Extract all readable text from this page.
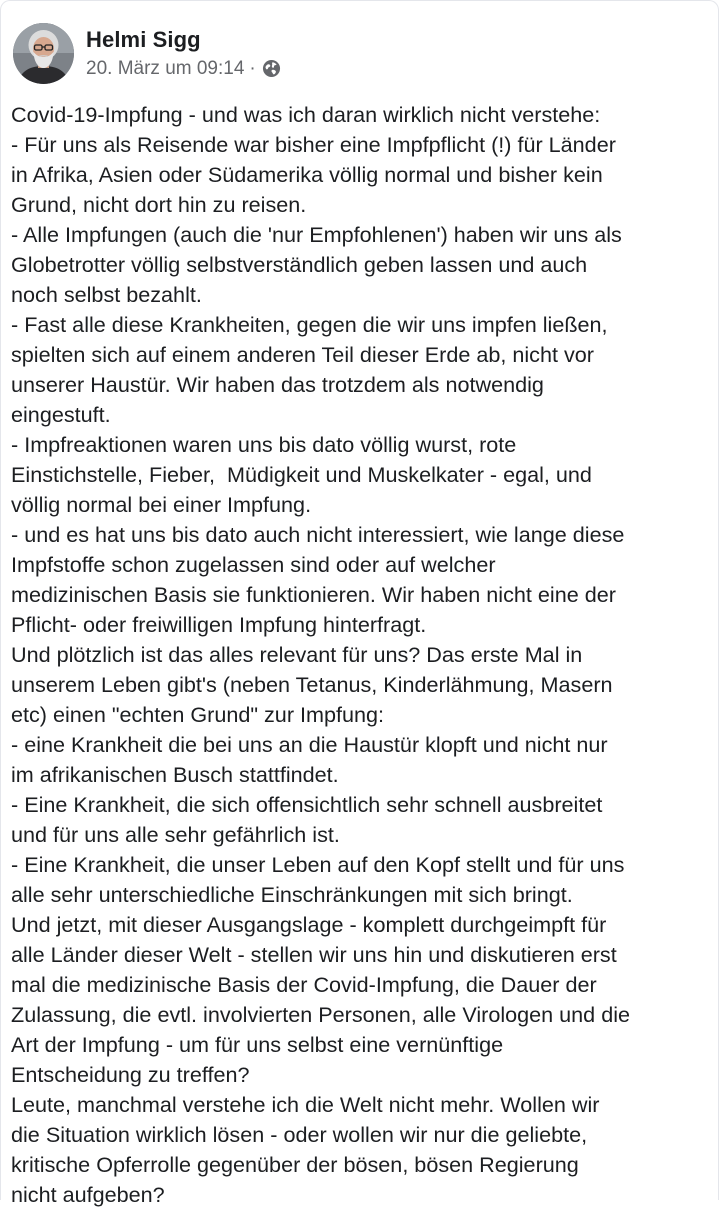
Helmi Sigg
20. März um 09:14 ·
Covid-19-Impfung - und was ich daran wirklich nicht verstehe:
- Für uns als Reisende war bisher eine Impfpflicht (!) für Länder
in Afrika, Asien oder Südamerika völlig normal und bisher kein
Grund, nicht dort hin zu reisen.
- Alle Impfungen (auch die 'nur Empfohlenen') haben wir uns als
Globetrotter völlig selbstverständlich geben lassen und auch
noch selbst bezahlt.
- Fast alle diese Krankheiten, gegen die wir uns impfen ließen,
spielten sich auf einem anderen Teil dieser Erde ab, nicht vor
unserer Haustür. Wir haben das trotzdem als notwendig
eingestuft.
- Impfreaktionen waren uns bis dato völlig wurst, rote
Einstichstelle, Fieber,  Müdigkeit und Muskelkater - egal, und
völlig normal bei einer Impfung.
- und es hat uns bis dato auch nicht interessiert, wie lange diese
Impfstoffe schon zugelassen sind oder auf welcher
medizinischen Basis sie funktionieren. Wir haben nicht eine der
Pflicht- oder freiwilligen Impfung hinterfragt.
Und plötzlich ist das alles relevant für uns? Das erste Mal in
unserem Leben gibt's (neben Tetanus, Kinderlähmung, Masern
etc) einen "echten Grund" zur Impfung:
- eine Krankheit die bei uns an die Haustür klopft und nicht nur
im afrikanischen Busch stattfindet.
- Eine Krankheit, die sich offensichtlich sehr schnell ausbreitet
und für uns alle sehr gefährlich ist.
- Eine Krankheit, die unser Leben auf den Kopf stellt und für uns
alle sehr unterschiedliche Einschränkungen mit sich bringt.
Und jetzt, mit dieser Ausgangslage - komplett durchgeimpft für
alle Länder dieser Welt - stellen wir uns hin und diskutieren erst
mal die medizinische Basis der Covid-Impfung, die Dauer der
Zulassung, die evtl. involvierten Personen, alle Virologen und die
Art der Impfung - um für uns selbst eine vernünftige
Entscheidung zu treffen?
Leute, manchmal verstehe ich die Welt nicht mehr. Wollen wir
die Situation wirklich lösen - oder wollen wir nur die geliebte,
kritische Opferrolle gegenüber der bösen, bösen Regierung
nicht aufgeben?
